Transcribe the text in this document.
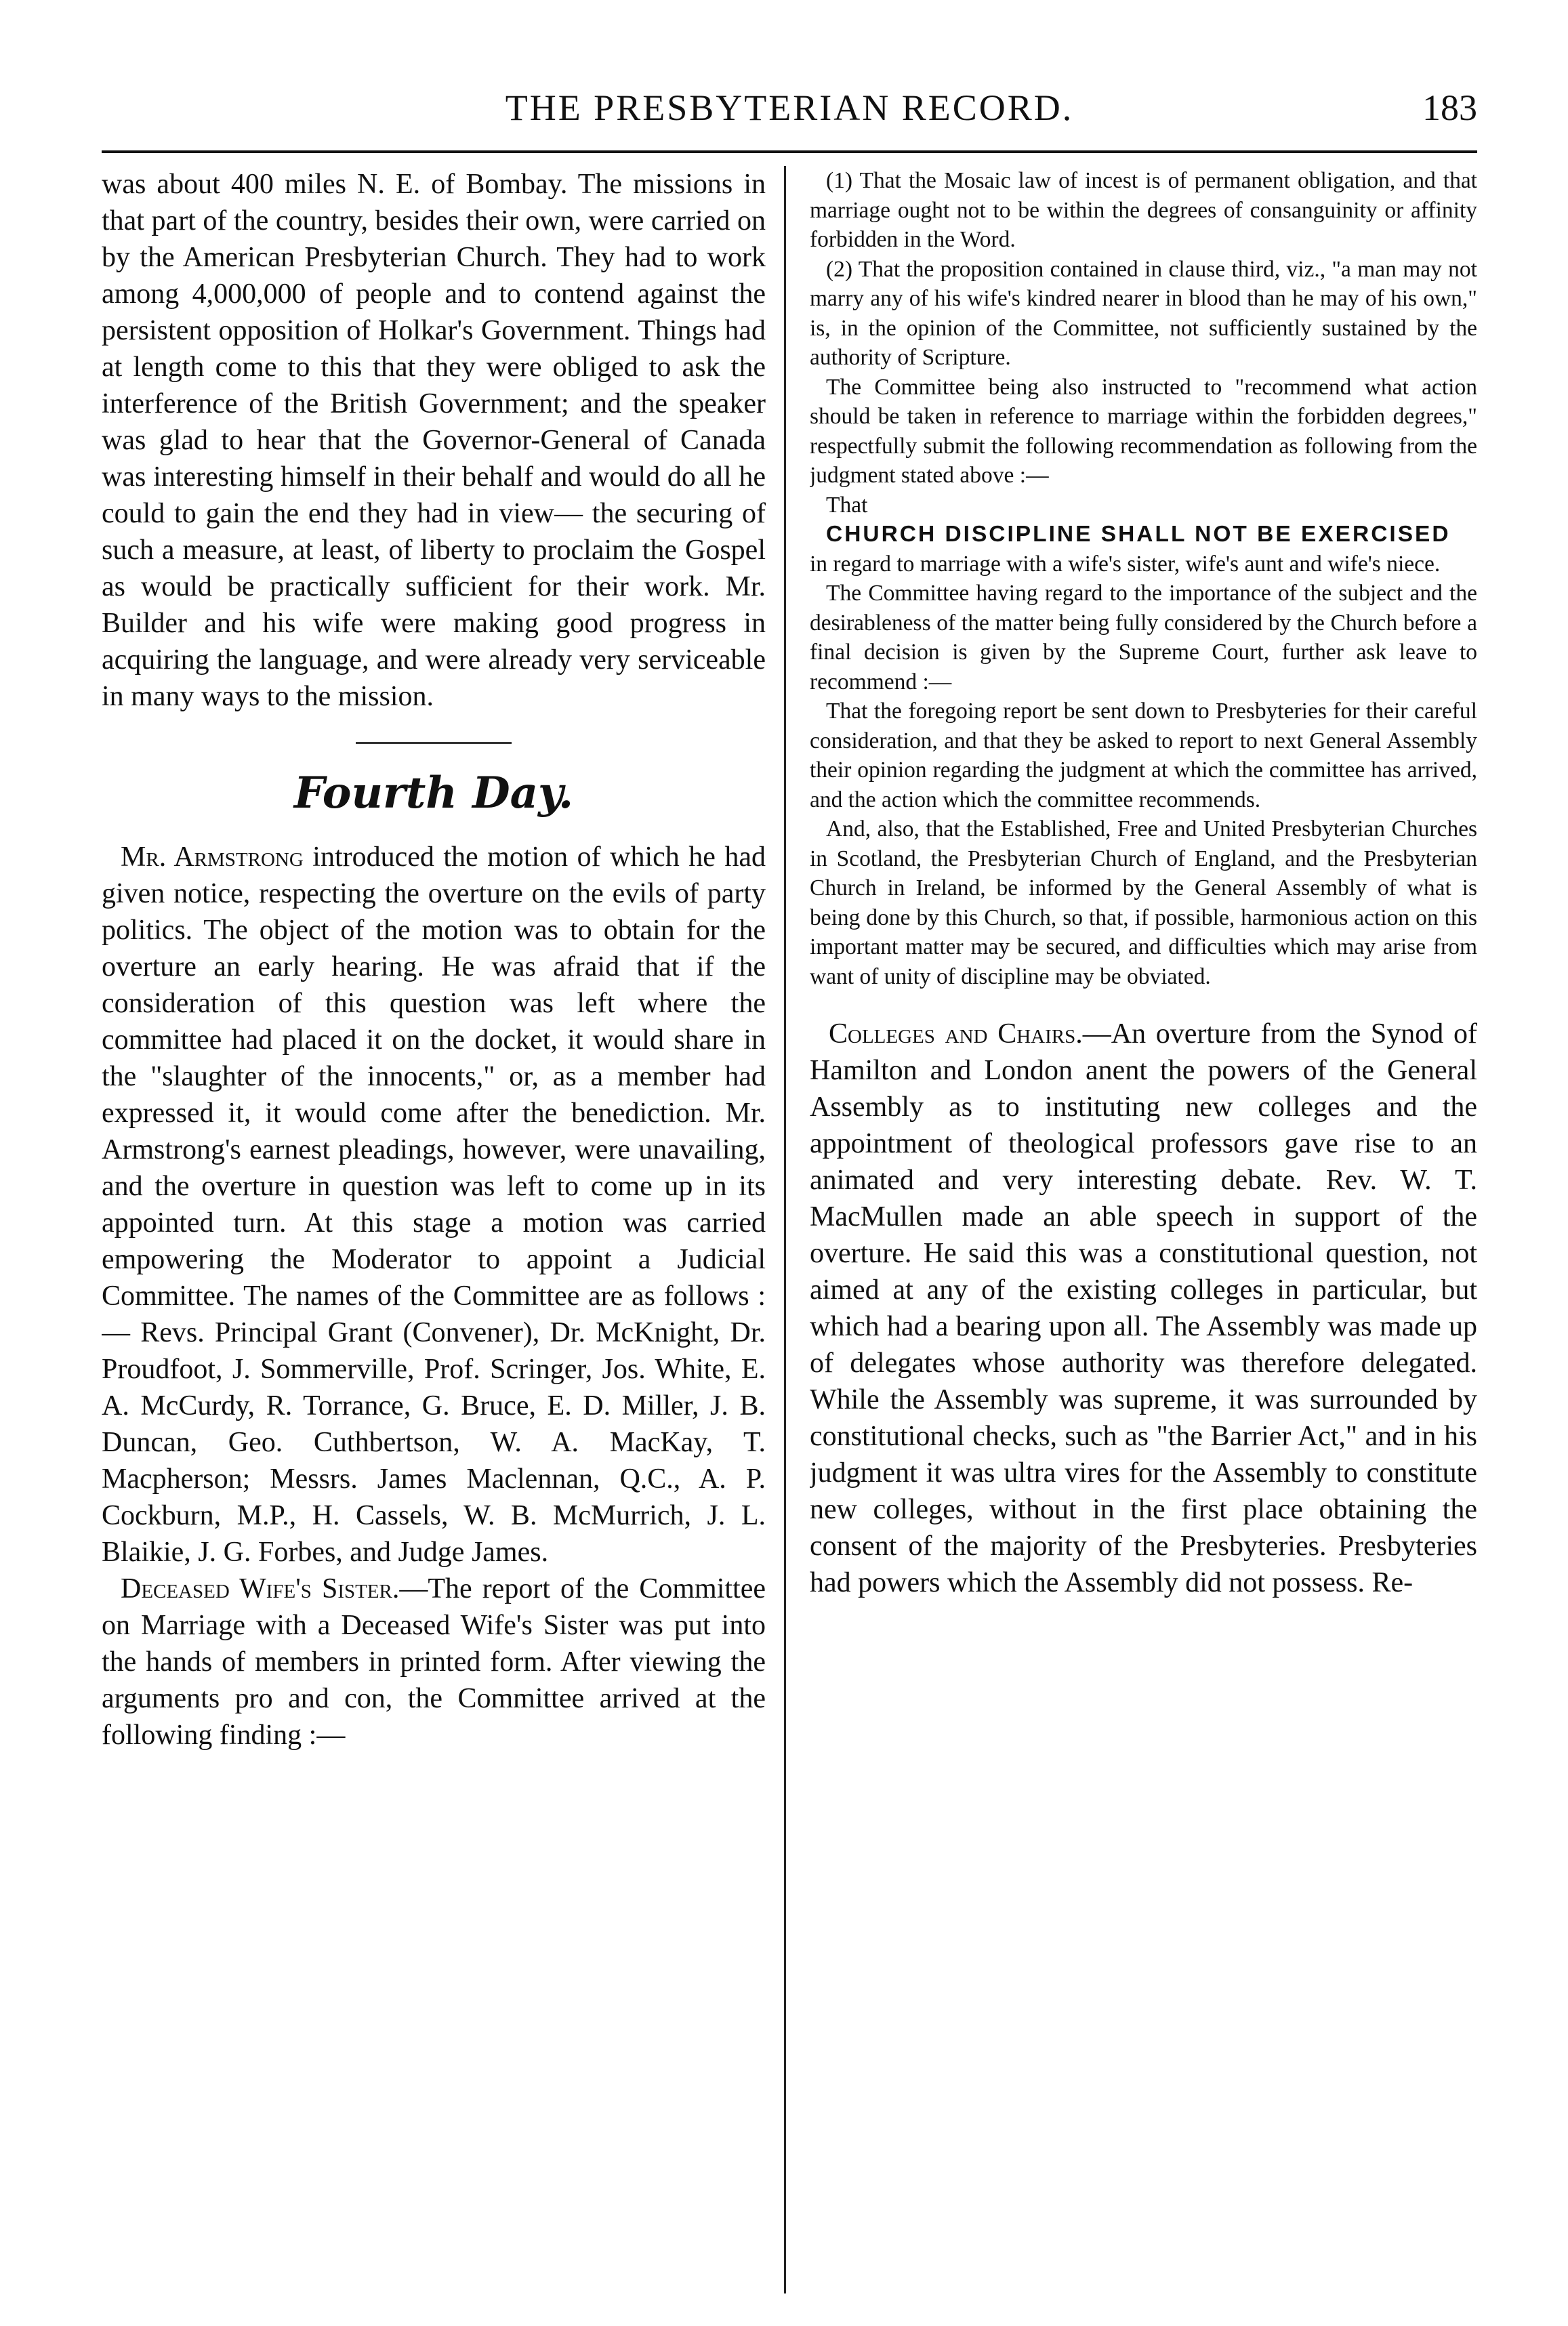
THE PRESBYTERIAN RECORD.	183

was about 400 miles N. E. of Bombay. The missions in that part of the country, besides their own, were carried on by the American Presbyterian Church. They had to work among 4,000,000 of people and to contend against the persistent opposition of Holkar's Government. Things had at length come to this that they were obliged to ask the interference of the British Government; and the speaker was glad to hear that the Governor-General of Canada was interesting himself in their behalf and would do all he could to gain the end they had in view— the securing of such a measure, at least, of liberty to proclaim the Gospel as would be practically sufficient for their work. Mr. Builder and his wife were making good progress in acquiring the language, and were already very serviceable in many ways to the mission.

Fourth Day.

Mr. Armstrong introduced the motion of which he had given notice, respecting the overture on the evils of party politics. The object of the motion was to obtain for the overture an early hearing. He was afraid that if the consideration of this question was left where the committee had placed it on the docket, it would share in the "slaughter of the innocents," or, as a member had expressed it, it would come after the benediction. Mr. Armstrong's earnest pleadings, however, were unavailing, and the overture in question was left to come up in its appointed turn. At this stage a motion was carried empowering the Moderator to appoint a Judicial Committee. The names of the Committee are as follows :— Revs. Principal Grant (Convener), Dr. McKnight, Dr. Proudfoot, J. Sommerville, Prof. Scringer, Jos. White, E. A. McCurdy, R. Torrance, G. Bruce, E. D. Miller, J. B. Duncan, Geo. Cuthbertson, W. A. MacKay, T. Macpherson; Messrs. James Maclennan, Q.C., A. P. Cockburn, M.P., H. Cassels, W. B. McMurrich, J. L. Blaikie, J. G. Forbes, and Judge James.

Deceased Wife's Sister.—The report of the Committee on Marriage with a Deceased Wife's Sister was put into the hands of members in printed form. After viewing the arguments pro and con, the Committee arrived at the following finding :—

(1) That the Mosaic law of incest is of permanent obligation, and that marriage ought not to be within the degrees of consanguinity or affinity forbidden in the Word.

(2) That the proposition contained in clause third, viz., "a man may not marry any of his wife's kindred nearer in blood than he may of his own," is, in the opinion of the Committee, not sufficiently sustained by the authority of Scripture.

The Committee being also instructed to "recommend what action should be taken in reference to marriage within the forbidden degrees," respectfully submit the following recommendation as following from the judgment stated above :—

That

CHURCH DISCIPLINE SHALL NOT BE EXERCISED

in regard to marriage with a wife's sister, wife's aunt and wife's niece.

The Committee having regard to the importance of the subject and the desirableness of the matter being fully considered by the Church before a final decision is given by the Supreme Court, further ask leave to recommend :—

That the foregoing report be sent down to Presbyteries for their careful consideration, and that they be asked to report to next General Assembly their opinion regarding the judgment at which the committee has arrived, and the action which the committee recommends.

And, also, that the Established, Free and United Presbyterian Churches in Scotland, the Presbyterian Church of England, and the Presbyterian Church in Ireland, be informed by the General Assembly of what is being done by this Church, so that, if possible, harmonious action on this important matter may be secured, and difficulties which may arise from want of unity of discipline may be obviated.

Colleges and Chairs.—An overture from the Synod of Hamilton and London anent the powers of the General Assembly as to instituting new colleges and the appointment of theological professors gave rise to an animated and very interesting debate. Rev. W. T. MacMullen made an able speech in support of the overture. He said this was a constitutional question, not aimed at any of the existing colleges in particular, but which had a bearing upon all. The Assembly was made up of delegates whose authority was therefore delegated. While the Assembly was supreme, it was surrounded by constitutional checks, such as "the Barrier Act," and in his judgment it was ultra vires for the Assembly to constitute new colleges, without in the first place obtaining the consent of the majority of the Presbyteries. Presbyteries had powers which the Assembly did not possess. Re-
